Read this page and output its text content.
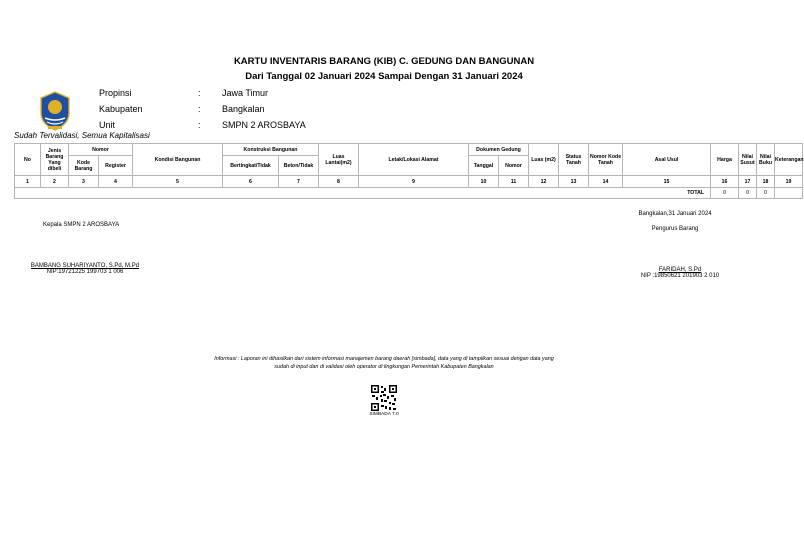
KARTU INVENTARIS BARANG (KIB) C. GEDUNG DAN BANGUNAN
Dari Tanggal 02 Januari 2024 Sampai Dengan 31 Januari 2024
Propinsi	: Jawa Timur
Kabupaten	: Bangkalan
Unit	: SMPN 2 AROSBAYA
Sudah Tervalidasi, Semua Kapitalisasi
No	Jenis Barang Yang dibeli	Nomor		Kondisi Bangunan	Konstruksi Bangunan		Luas Lantai(m2)	Letak/Lokasi Alamat	Dokumen Gedung		Luas (m2)	Status Tanah	Nomor Kode Tanah	Asal Usul	Harga	Nilai Susut	Nilai Buku	Keterangan
		Kode Barang	Register		Bertingkat/Tidak	Beton/Tidak			Tanggal	Nomor								
1	2	3	4	5	6	7	8	9	10	11	12	13	14	15	16	17	18	19
TOTAL															0	0	0	
Bangkalan,31 Januari 2024
Kepala SMPN 2 AROSBAYA
Pengurus Barang
BAMBANG SUHARIYANTO, S.Pd, M.Pd
NIP:19721225 199703 1 006	FARIDAH, S.Pd
NIP :19850621 201903 2 010
Informasi : Laporan ini dihasilkan dari sistem informasi manajemen barang daerah [simbada], data yang di tampilkan sesuai dengan data yang
sudah di input dan di validasi oleh operator di lingkungan Pemerintah Kabupaten Bangkalan
SIMBADA 7.0
